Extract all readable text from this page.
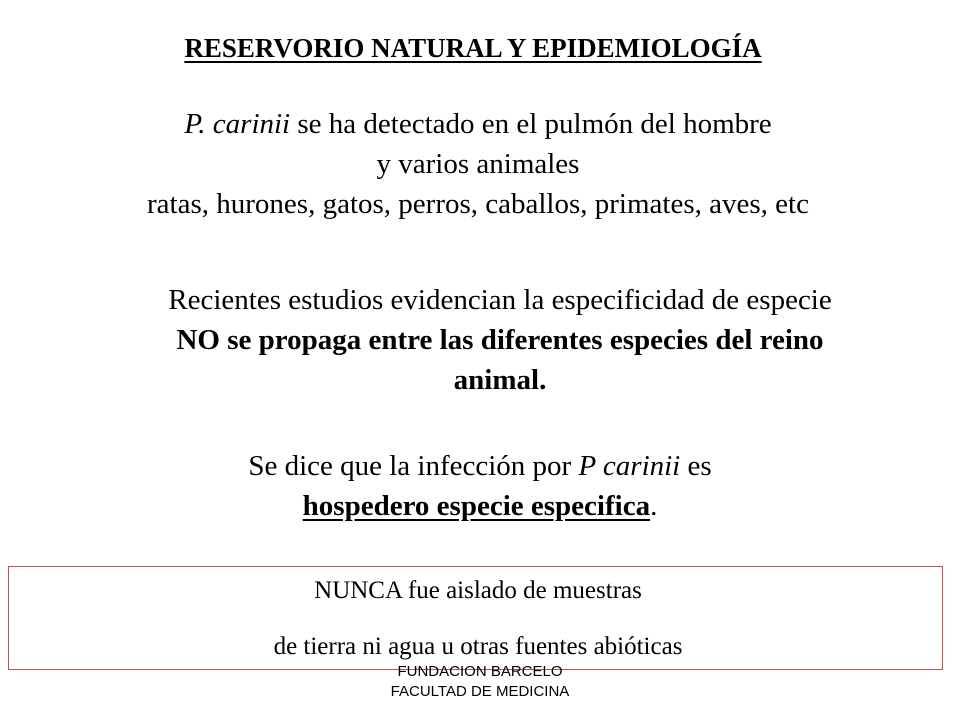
RESERVORIO NATURAL Y EPIDEMIOLOGÍA
P. carinii se ha detectado en el pulmón del hombre
y varios animales
ratas, hurones, gatos, perros, caballos, primates, aves, etc
Recientes estudios evidencian la especificidad de especie
NO se propaga entre las diferentes especies del reino
animal.
Se dice que la infección por P carinii es
hospedero especie especifica.
NUNCA fue aislado de muestras
de tierra ni agua u otras fuentes abióticas
FUNDACION BARCELO
FACULTAD DE MEDICINA
